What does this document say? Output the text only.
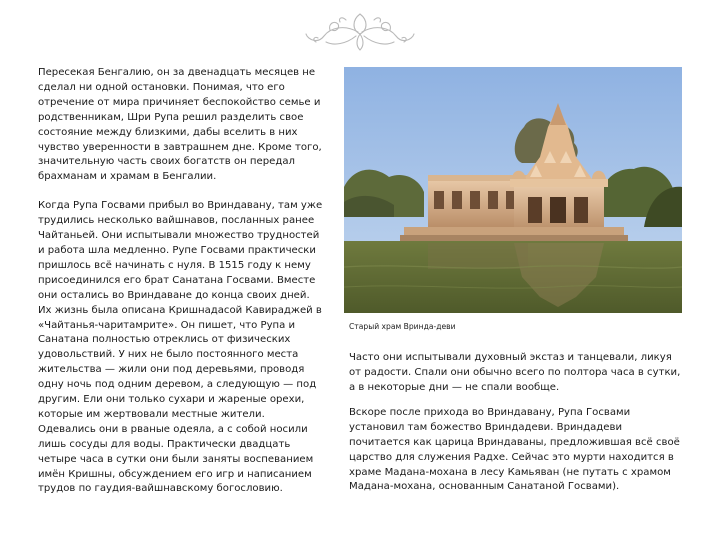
Пересекая Бенгалию, он за двенадцать месяцев не сделал ни одной остановки. Понимая, что его отречение от мира причиняет беспокойство семье и родственникам, Шри Рупа решил разделить свое состояние между близкими, дабы вселить в них чувство уверенности в завтрашнем дне. Кроме того, значительную часть своих богатств он передал брахманам и храмам в Бенгалии.

Когда Рупа Госвами прибыл во Вриндавану, там уже трудились несколько вайшнавов, посланных ранее Чайтаньей. Они испытывали множество трудностей и работа шла медленно. Рупе Госвами практически пришлось всё начинать с нуля. В 1515 году к нему присоединился его брат Санатана Госвами. Вместе они остались во Вриндаване до конца своих дней. Их жизнь была описана Кришнадасой Кавираджей в «Чайтанья-чаритамрите». Он пишет, что Рупа и Санатана полностью отреклись от физических удовольствий. У них не было постоянного места жительства — жили они под деревьями, проводя одну ночь под одним деревом, а следующую — под другим. Ели они только сухари и жареные орехи, которые им жертвовали местные жители. Одевались они в рваные одеяла, а с собой носили лишь сосуды для воды. Практически двадцать четыре часа в сутки они были заняты воспеванием имён Кришны, обсуждением его игр и написанием трудов по гаудия-вайшнавскому богословию.

Старый храм Вринда-деви

Часто они испытывали духовный экстаз и танцевали, ликуя от радости. Спали они обычно всего по полтора часа в сутки, а в некоторые дни — не спали вообще.

Вскоре после прихода во Вриндавану, Рупа Госвами установил там божество Вриндадеви. Вриндадеви почитается как царица Вриндаваны, предложившая всё своё царство для служения Радхе. Сейчас это мурти находится в храме Мадана-мохана в лесу Камьяван (не путать с храмом Мадана-мохана, основанным Санатаной Госвами).
